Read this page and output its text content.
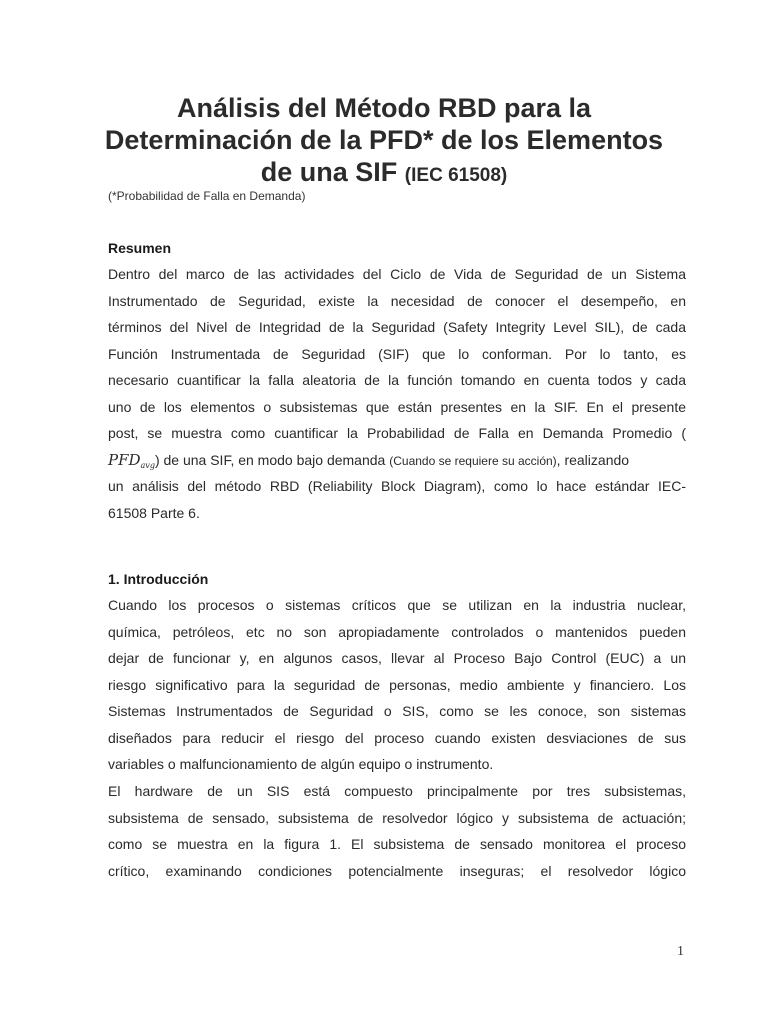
Análisis del Método RBD para la
Determinación de la PFD* de los Elementos
de una SIF (IEC 61508)
(*Probabilidad de Falla en Demanda)
Resumen
Dentro del marco de las actividades del Ciclo de Vida de Seguridad de un Sistema
Instrumentado de Seguridad, existe la necesidad de conocer el desempeño, en
términos del Nivel de Integridad de la Seguridad (Safety Integrity Level SIL), de cada
Función Instrumentada de Seguridad (SIF) que lo conforman. Por lo tanto, es
necesario cuantificar la falla aleatoria de la función tomando en cuenta todos y cada
uno de los elementos o subsistemas que están presentes en la SIF. En el presente
post, se muestra como cuantificar la Probabilidad de Falla en Demanda Promedio (
$PFD_{avg}$) de una SIF, en modo bajo demanda (Cuando se requiere su acción), realizando
un análisis del método RBD (Reliability Block Diagram), como lo hace estándar IEC-
61508 Parte 6.
1. Introducción
Cuando los procesos o sistemas críticos que se utilizan en la industria nuclear,
química, petróleos, etc no son apropiadamente controlados o mantenidos pueden
dejar de funcionar y, en algunos casos, llevar al Proceso Bajo Control (EUC) a un
riesgo significativo para la seguridad de personas, medio ambiente y financiero. Los
Sistemas Instrumentados de Seguridad o SIS, como se les conoce, son sistemas
diseñados para reducir el riesgo del proceso cuando existen desviaciones de sus
variables o malfuncionamiento de algún equipo o instrumento.
El hardware de un SIS está compuesto principalmente por tres subsistemas,
subsistema de sensado, subsistema de resolvedor lógico y subsistema de actuación;
como se muestra en la figura 1. El subsistema de sensado monitorea el proceso
crítico, examinando condiciones potencialmente inseguras; el resolvedor lógico
1
